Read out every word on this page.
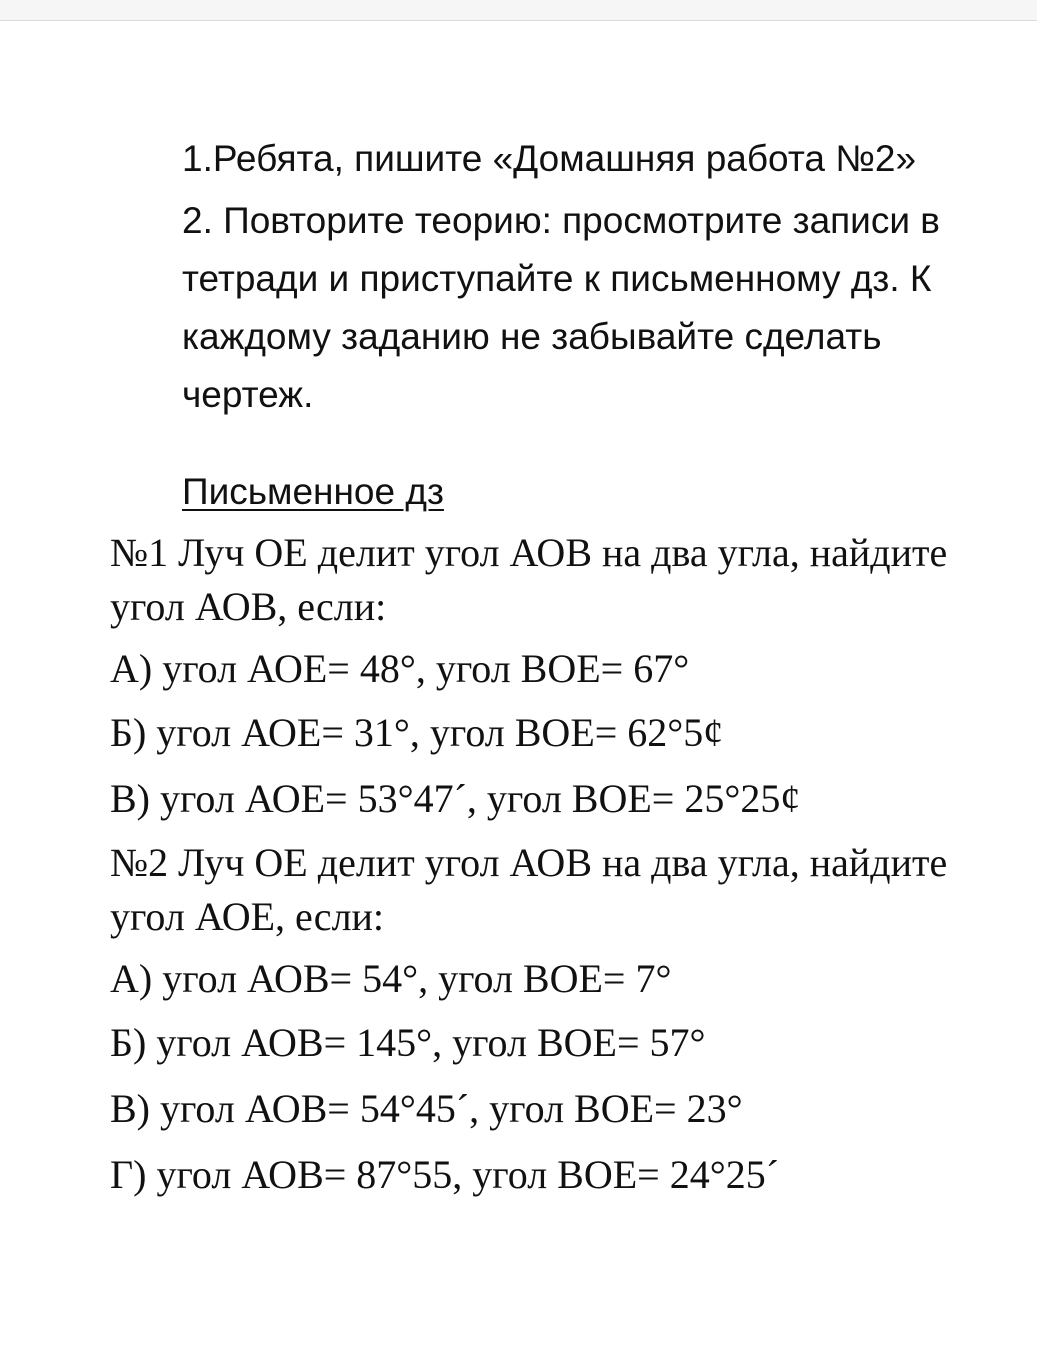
1.Ребята, пишите «Домашняя работа №2»
2. Повторите теорию: просмотрите записи в
тетради и приступайте к письменному дз. К
каждому заданию не забывайте сделать
чертеж.
Письменное дз
№1 Луч ОЕ делит угол АОВ на два угла, найдите
угол АОВ, если:
А) угол АОЕ= 48°, угол ВОЕ= 67°
Б) угол АОЕ= 31°, угол ВОЕ= 62°5¢
В) угол АОЕ= 53°47´, угол ВОЕ= 25°25¢
№2 Луч ОЕ делит угол АОВ на два угла, найдите
угол АОЕ, если:
А) угол АОВ= 54°, угол ВОЕ= 7°
Б) угол АОВ= 145°, угол ВОЕ= 57°
В) угол АОВ= 54°45´, угол ВОЕ= 23°
Г) угол АОВ= 87°55, угол ВОЕ= 24°25´
